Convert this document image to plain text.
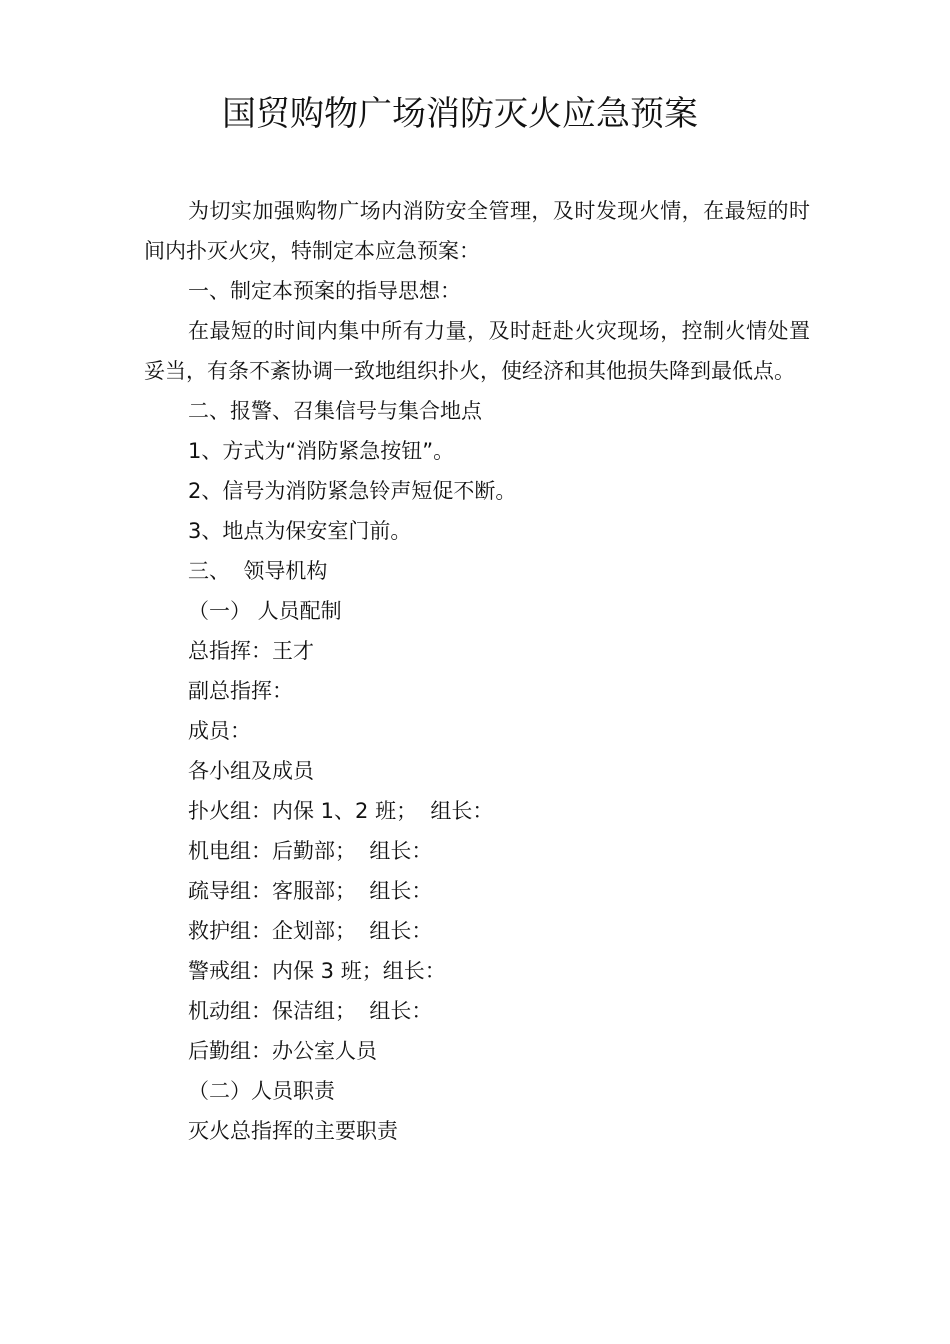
国贸购物广场消防灭火应急预案

为切实加强购物广场内消防安全管理，及时发现火情，在最短的时间内扑灭火灾，特制定本应急预案：

一、制定本预案的指导思想：

在最短的时间内集中所有力量，及时赶赴火灾现场，控制火情处置妥当，有条不紊协调一致地组织扑火，使经济和其他损失降到最低点。

二、报警、召集信号与集合地点

1、方式为“消防紧急按钮”。

2、信号为消防紧急铃声短促不断。

3、地点为保安室门前。

三、  领导机构

（一） 人员配制

总指挥：王才

副总指挥：

成员：

各小组及成员

扑火组：内保 1、2 班；  组长：

机电组：后勤部；  组长：

疏导组：客服部；  组长：

救护组：企划部；  组长：

警戒组：内保 3 班；组长：

机动组：保洁组；  组长：

后勤组：办公室人员

（二）人员职责

灭火总指挥的主要职责
